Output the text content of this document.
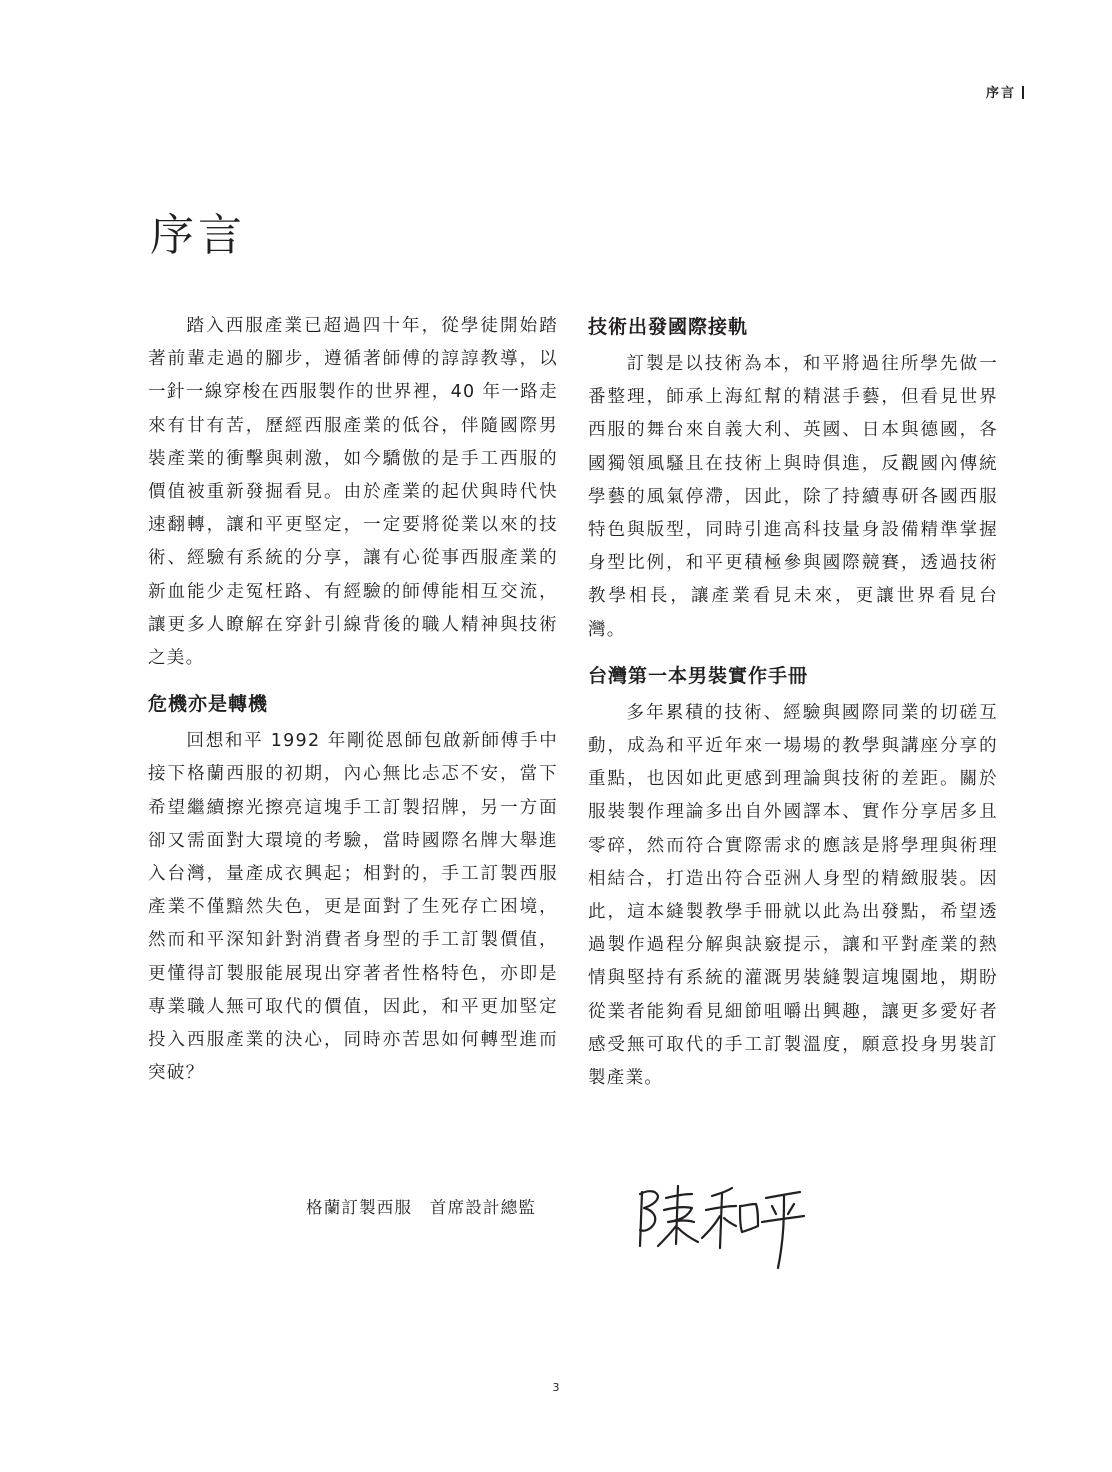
序言
序言

踏入西服產業已超過四十年，從學徒開始踏著前輩走過的腳步，遵循著師傅的諄諄教導，以一針一線穿梭在西服製作的世界裡，40 年一路走來有甘有苦，歷經西服產業的低谷，伴隨國際男裝產業的衝擊與刺激，如今驕傲的是手工西服的價值被重新發掘看見。由於產業的起伏與時代快速翻轉，讓和平更堅定，一定要將從業以來的技術、經驗有系統的分享，讓有心從事西服產業的新血能少走冤枉路、有經驗的師傅能相互交流，讓更多人瞭解在穿針引線背後的職人精神與技術之美。

危機亦是轉機

回想和平 1992 年剛從恩師包啟新師傅手中接下格蘭西服的初期，內心無比忐忑不安，當下希望繼續擦光擦亮這塊手工訂製招牌，另一方面卻又需面對大環境的考驗，當時國際名牌大舉進入台灣，量產成衣興起；相對的，手工訂製西服產業不僅黯然失色，更是面對了生死存亡困境，然而和平深知針對消費者身型的手工訂製價值，更懂得訂製服能展現出穿著者性格特色，亦即是專業職人無可取代的價值，因此，和平更加堅定投入西服產業的決心，同時亦苦思如何轉型進而突破？

技術出發國際接軌

訂製是以技術為本，和平將過往所學先做一番整理，師承上海紅幫的精湛手藝，但看見世界西服的舞台來自義大利、英國、日本與德國，各國獨領風騷且在技術上與時俱進，反觀國內傳統學藝的風氣停滯，因此，除了持續專研各國西服特色與版型，同時引進高科技量身設備精準掌握身型比例，和平更積極參與國際競賽，透過技術教學相長，讓產業看見未來，更讓世界看見台灣。

台灣第一本男裝實作手冊

多年累積的技術、經驗與國際同業的切磋互動，成為和平近年來一場場的教學與講座分享的重點，也因如此更感到理論與技術的差距。關於服裝製作理論多出自外國譯本、實作分享居多且零碎，然而符合實際需求的應該是將學理與術理相結合，打造出符合亞洲人身型的精緻服裝。因此，這本縫製教學手冊就以此為出發點，希望透過製作過程分解與訣竅提示，讓和平對產業的熱情與堅持有系統的灌溉男裝縫製這塊園地，期盼從業者能夠看見細節咀嚼出興趣，讓更多愛好者感受無可取代的手工訂製溫度，願意投身男裝訂製產業。

格蘭訂製西服　首席設計總監
3
